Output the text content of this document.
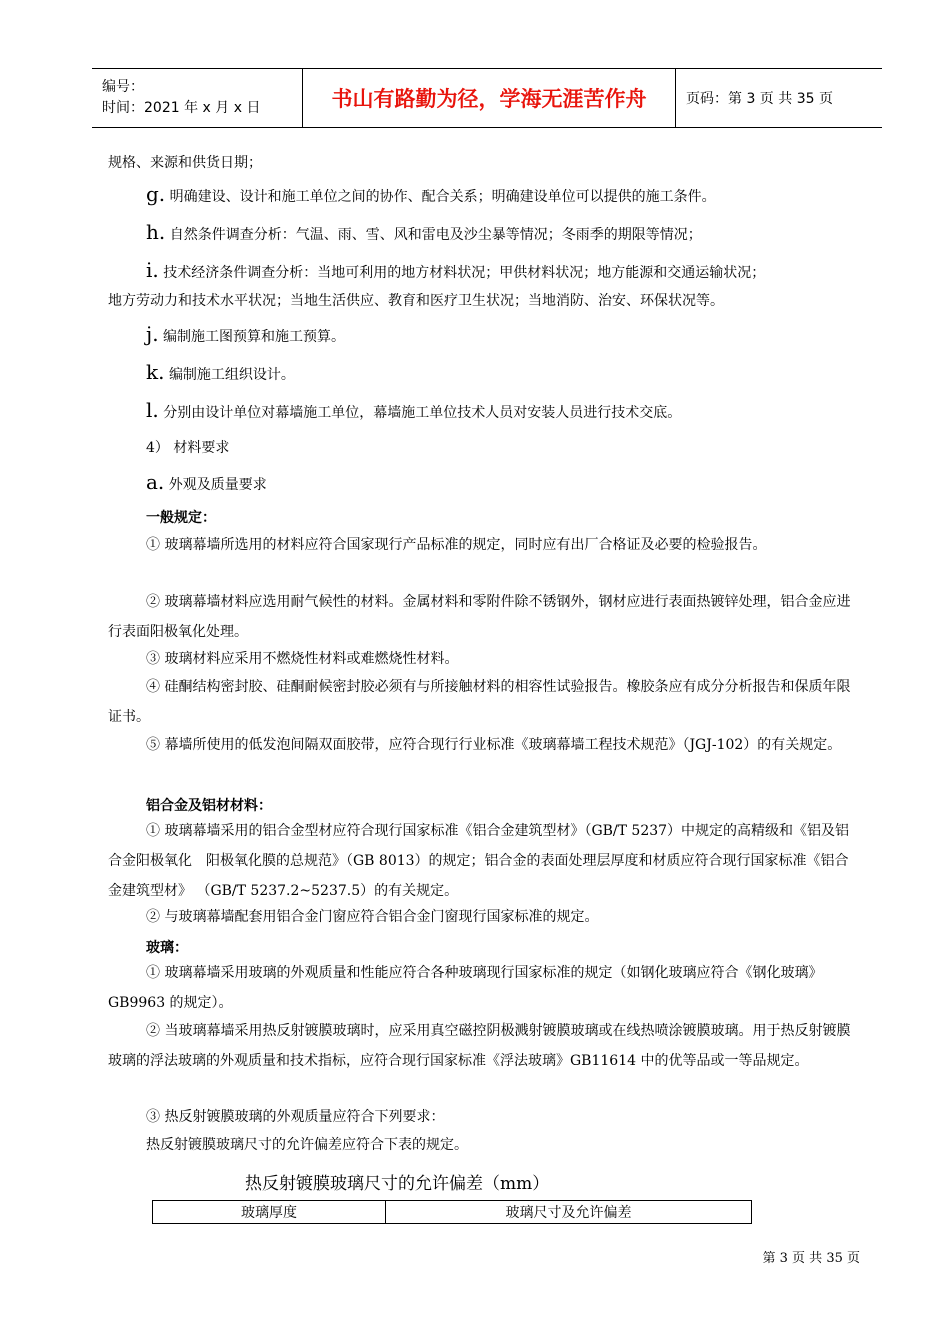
编号：
时间：2021 年 x 月 x 日	书山有路勤为径，学海无涯苦作舟	页码：第 3 页 共 35 页
规格、来源和供货日期；
g. 明确建设、设计和施工单位之间的协作、配合关系；明确建设单位可以提供的施工条件。
h. 自然条件调查分析：气温、雨、雪、风和雷电及沙尘暴等情况；冬雨季的期限等情况；
i. 技术经济条件调查分析：当地可利用的地方材料状况；甲供材料状况；地方能源和交通运输状况；
地方劳动力和技术水平状况；当地生活供应、教育和医疗卫生状况；当地消防、治安、环保状况等。
j. 编制施工图预算和施工预算。
k. 编制施工组织设计。
l. 分别由设计单位对幕墙施工单位，幕墙施工单位技术人员对安装人员进行技术交底。
4） 材料要求
a. 外观及质量要求
一般规定：
① 玻璃幕墙所选用的材料应符合国家现行产品标准的规定，同时应有出厂合格证及必要的检验报告。
② 玻璃幕墙材料应选用耐气候性的材料。金属材料和零附件除不锈钢外，钢材应进行表面热镀锌处理，铝合金应进行表面阳极氧化处理。
③ 玻璃材料应采用不燃烧性材料或难燃烧性材料。
④ 硅酮结构密封胶、硅酮耐候密封胶必须有与所接触材料的相容性试验报告。橡胶条应有成分分析报告和保质年限证书。
⑤ 幕墙所使用的低发泡间隔双面胶带，应符合现行行业标准《玻璃幕墙工程技术规范》（JGJ-102）的有关规定。
铝合金及铝材材料：
① 玻璃幕墙采用的铝合金型材应符合现行国家标准《铝合金建筑型材》（GB/T 5237）中规定的高精级和《铝及铝合金阳极氧化　阳极氧化膜的总规范》（GB 8013）的规定；铝合金的表面处理层厚度和材质应符合现行国家标准《铝合金建筑型材》 （GB/T 5237.2~5237.5）的有关规定。
② 与玻璃幕墙配套用铝合金门窗应符合铝合金门窗现行国家标准的规定。
玻璃：
① 玻璃幕墙采用玻璃的外观质量和性能应符合各种玻璃现行国家标准的规定（如钢化玻璃应符合《钢化玻璃》GB9963 的规定）。
② 当玻璃幕墙采用热反射镀膜玻璃时，应采用真空磁控阴极溅射镀膜玻璃或在线热喷涂镀膜玻璃。用于热反射镀膜玻璃的浮法玻璃的外观质量和技术指标，应符合现行国家标准《浮法玻璃》GB11614 中的优等品或一等品规定。
③ 热反射镀膜玻璃的外观质量应符合下列要求：
热反射镀膜玻璃尺寸的允许偏差应符合下表的规定。
热反射镀膜玻璃尺寸的允许偏差（mm）
玻璃厚度	玻璃尺寸及允许偏差
第 3 页 共 35 页
